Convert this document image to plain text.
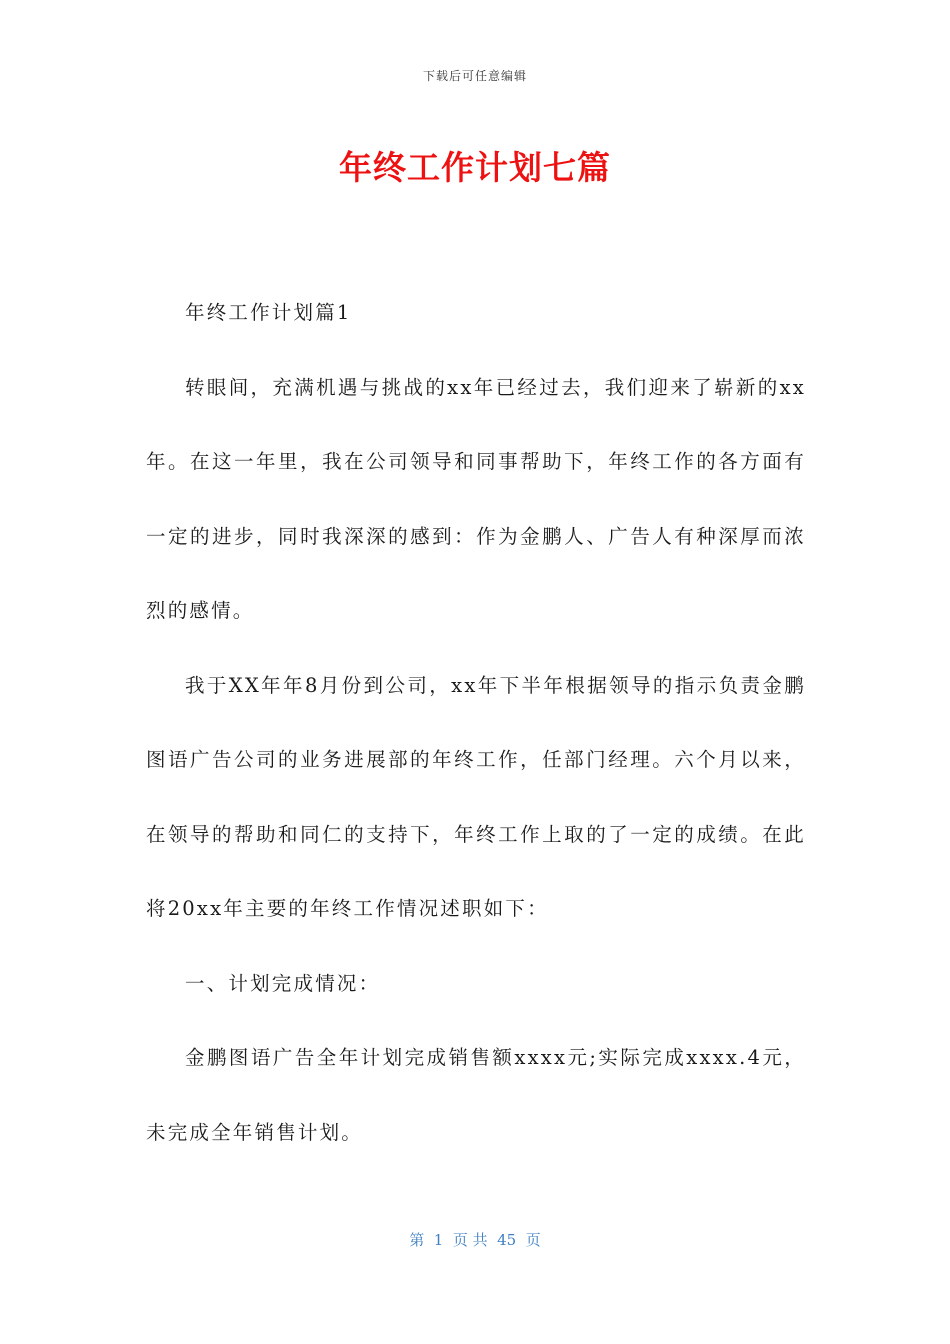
下载后可任意编辑
年终工作计划七篇

年终工作计划篇1

转眼间，充满机遇与挑战的xx年已经过去，我们迎来了崭新的xx年。在这一年里，我在公司领导和同事帮助下，年终工作的各方面有一定的进步，同时我深深的感到：作为金鹏人、广告人有种深厚而浓烈的感情。

我于XX年年8月份到公司，xx年下半年根据领导的指示负责金鹏图语广告公司的业务进展部的年终工作，任部门经理。六个月以来，在领导的帮助和同仁的支持下，年终工作上取的了一定的成绩。在此将20xx年主要的年终工作情况述职如下：

一、计划完成情况：

金鹏图语广告全年计划完成销售额xxxx元;实际完成xxxx.4元，未完成全年销售计划。

第  1  页 共  45  页
